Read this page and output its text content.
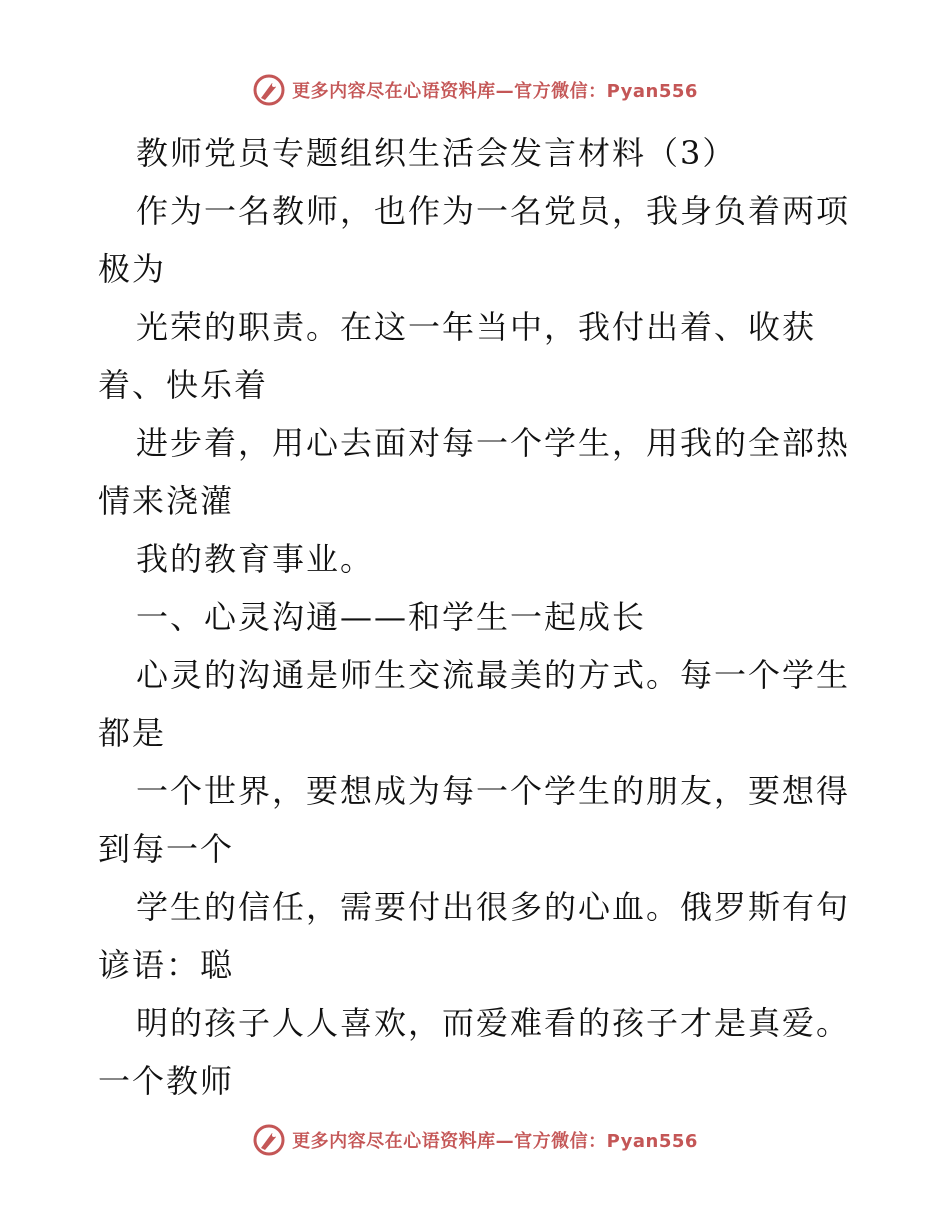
更多内容尽在心语资料库—官方微信：Pyan556
教师党员专题组织生活会发言材料（3）
作为一名教师，也作为一名党员，我身负着两项
极为
光荣的职责。在这一年当中，我付出着、收获
着、快乐着
进步着，用心去面对每一个学生，用我的全部热
情来浇灌
我的教育事业。
一、心灵沟通——和学生一起成长
心灵的沟通是师生交流最美的方式。每一个学生
都是
一个世界，要想成为每一个学生的朋友，要想得
到每一个
学生的信任，需要付出很多的心血。俄罗斯有句
谚语：聪
明的孩子人人喜欢，而爱难看的孩子才是真爱。
一个教师
更多内容尽在心语资料库—官方微信：Pyan556
